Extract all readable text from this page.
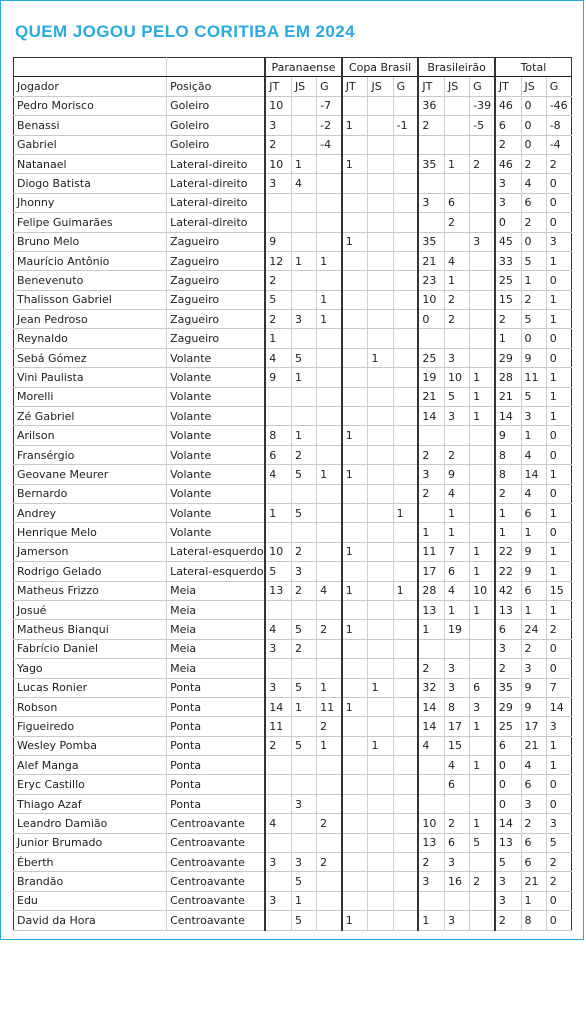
QUEM JOGOU PELO CORITIBA EM 2024
		Paranaense			Copa Brasil			Brasileirão			Total		
Jogador	Posição	JT	JS	G	JT	JS	G	JT	JS	G	JT	JS	G
Pedro Morisco	Goleiro	10		-7				36		-39	46	0	-46
Benassi	Goleiro	3		-2	1		-1	2		-5	6	0	-8
Gabriel	Goleiro	2		-4							2	0	-4
Natanael	Lateral-direito	10	1		1			35	1	2	46	2	2
Diogo Batista	Lateral-direito	3	4								3	4	0
Jhonny	Lateral-direito							3	6		3	6	0
Felipe Guimarães	Lateral-direito								2		0	2	0
Bruno Melo	Zagueiro	9			1			35		3	45	0	3
Maurício Antônio	Zagueiro	12	1	1				21	4		33	5	1
Benevenuto	Zagueiro	2						23	1		25	1	0
Thalisson Gabriel	Zagueiro	5		1				10	2		15	2	1
Jean Pedroso	Zagueiro	2	3	1				0	2		2	5	1
Reynaldo	Zagueiro	1									1	0	0
Sebá Gómez	Volante	4	5			1		25	3		29	9	0
Vini Paulista	Volante	9	1					19	10	1	28	11	1
Morelli	Volante							21	5	1	21	5	1
Zé Gabriel	Volante							14	3	1	14	3	1
Arilson	Volante	8	1		1						9	1	0
Fransérgio	Volante	6	2					2	2		8	4	0
Geovane Meurer	Volante	4	5	1	1			3	9		8	14	1
Bernardo	Volante							2	4		2	4	0
Andrey	Volante	1	5				1		1		1	6	1
Henrique Melo	Volante							1	1		1	1	0
Jamerson	Lateral-esquerdo	10	2		1			11	7	1	22	9	1
Rodrigo Gelado	Lateral-esquerdo	5	3					17	6	1	22	9	1
Matheus Frizzo	Meia	13	2	4	1		1	28	4	10	42	6	15
Josué	Meia							13	1	1	13	1	1
Matheus Bianqui	Meia	4	5	2	1			1	19		6	24	2
Fabrício Daniel	Meia	3	2								3	2	0
Yago	Meia							2	3		2	3	0
Lucas Ronier	Ponta	3	5	1		1		32	3	6	35	9	7
Robson	Ponta	14	1	11	1			14	8	3	29	9	14
Figueiredo	Ponta	11		2				14	17	1	25	17	3
Wesley Pomba	Ponta	2	5	1		1		4	15		6	21	1
Alef Manga	Ponta								4	1	0	4	1
Eryc Castillo	Ponta								6		0	6	0
Thiago Azaf	Ponta		3								0	3	0
Leandro Damião	Centroavante	4		2				10	2	1	14	2	3
Junior Brumado	Centroavante							13	6	5	13	6	5
Éberth	Centroavante	3	3	2				2	3		5	6	2
Brandão	Centroavante		5					3	16	2	3	21	2
Edu	Centroavante	3	1								3	1	0
David da Hora	Centroavante		5		1			1	3		2	8	0
